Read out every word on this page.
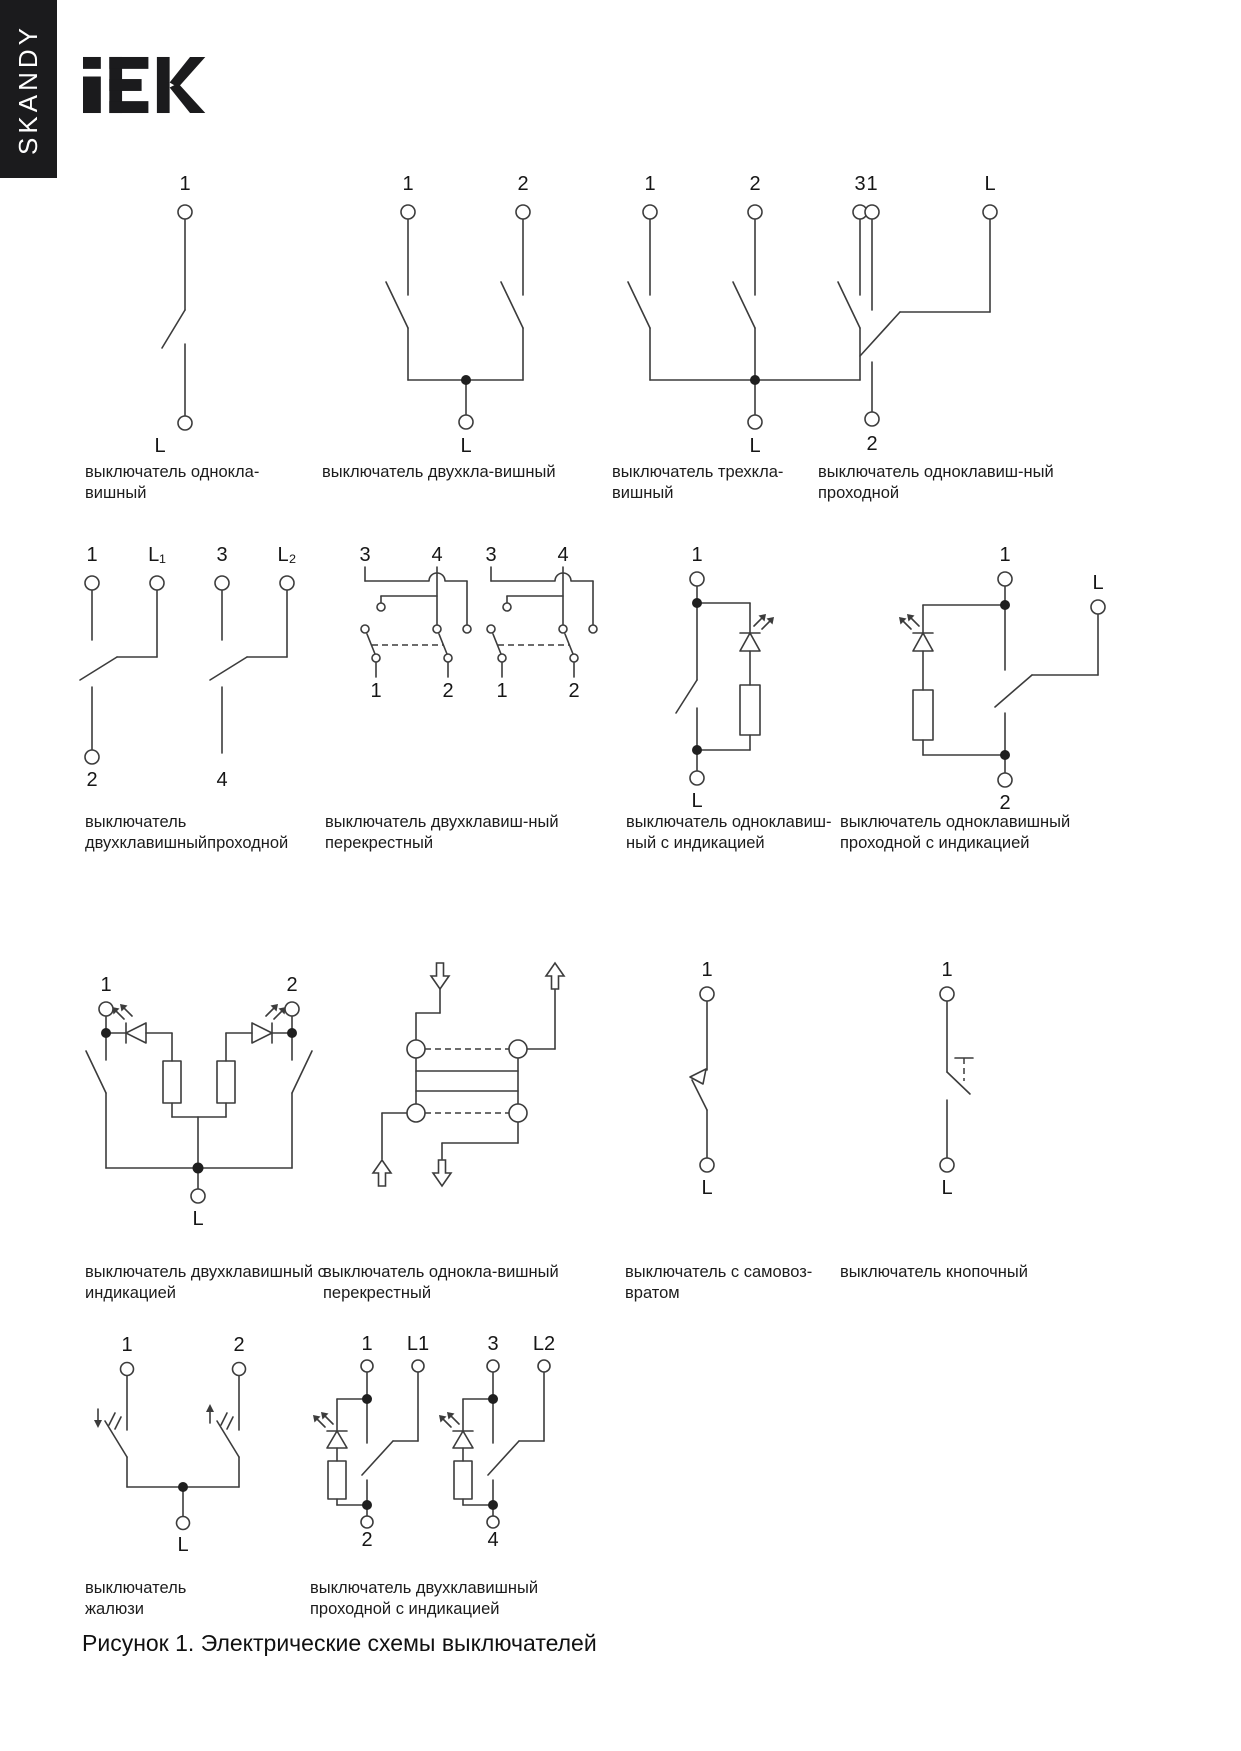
SKANDY
1
L
1	2
L
1	2	3
L
1	L
2
1	L₁	3 L₂
2	4
3	4
1	2
3	4
1	2
1
L
1
L
2
1	2
L
1
L
1
L
1	2
L
1 L1
2
3 L2
4
выключатель однокла-вишный
выключатель двухкла-вишный	выключатель трехкла-вишный
выключатель одноклавиш-ный
проходной
выключатель
двухклавишныйпроходной
выключатель двухклавиш-ный
перекрестный
выключатель одноклавиш-
ный с индикацией
выключатель одноклавишный
проходной с индикацией
выключатель двухклавишный с
индикацией
выключатель однокла-вишный
перекрестный
выключатель с самовоз-
вратом
выключатель кнопочный
выключатель
жалюзи
выключатель двухклавишный
проходной с индикацией
Рисунок 1. Электрические схемы выключателей
